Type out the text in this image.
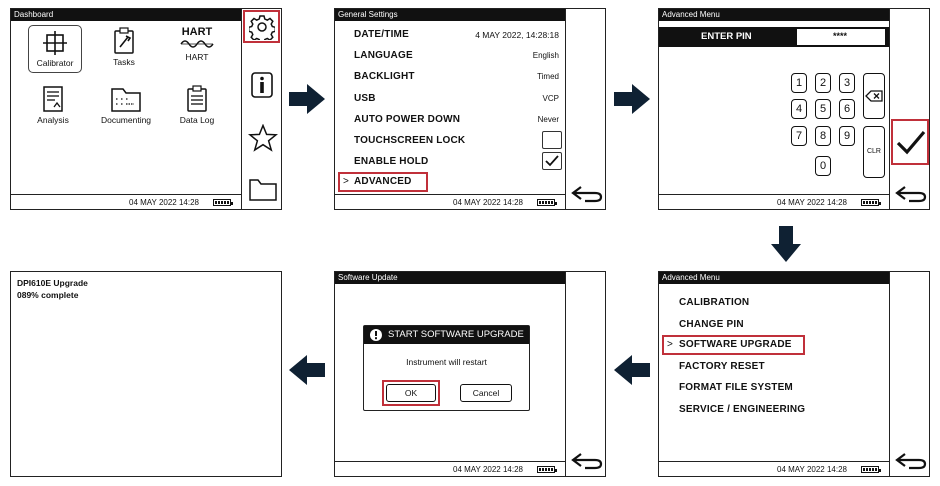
Dashboard
Calibrator	Tasks
HART
HART
Analysis	Documenting	Data Log
04 MAY 2022 14:28
General Settings
DATE/TIME	4 MAY 2022, 14:28:18
LANGUAGE	English
BACKLIGHT	Timed
USB	VCP
AUTO POWER DOWN	Never
TOUCHSCREEN LOCK
ENABLE HOLD
> ADVANCED
04 MAY 2022 14:28
Advanced Menu
ENTER PIN	****
1	2	3
4	5	6
7	8	9
0
CLR
04 MAY 2022 14:28
Advanced Menu
CALIBRATION
CHANGE PIN
> SOFTWARE UPGRADE
FACTORY RESET
FORMAT FILE SYSTEM
SERVICE / ENGINEERING
04 MAY 2022 14:28
Software Update
START SOFTWARE UPGRADE
Instrument will restart
OK	Cancel
04 MAY 2022 14:28
DPI610E Upgrade
089% complete
